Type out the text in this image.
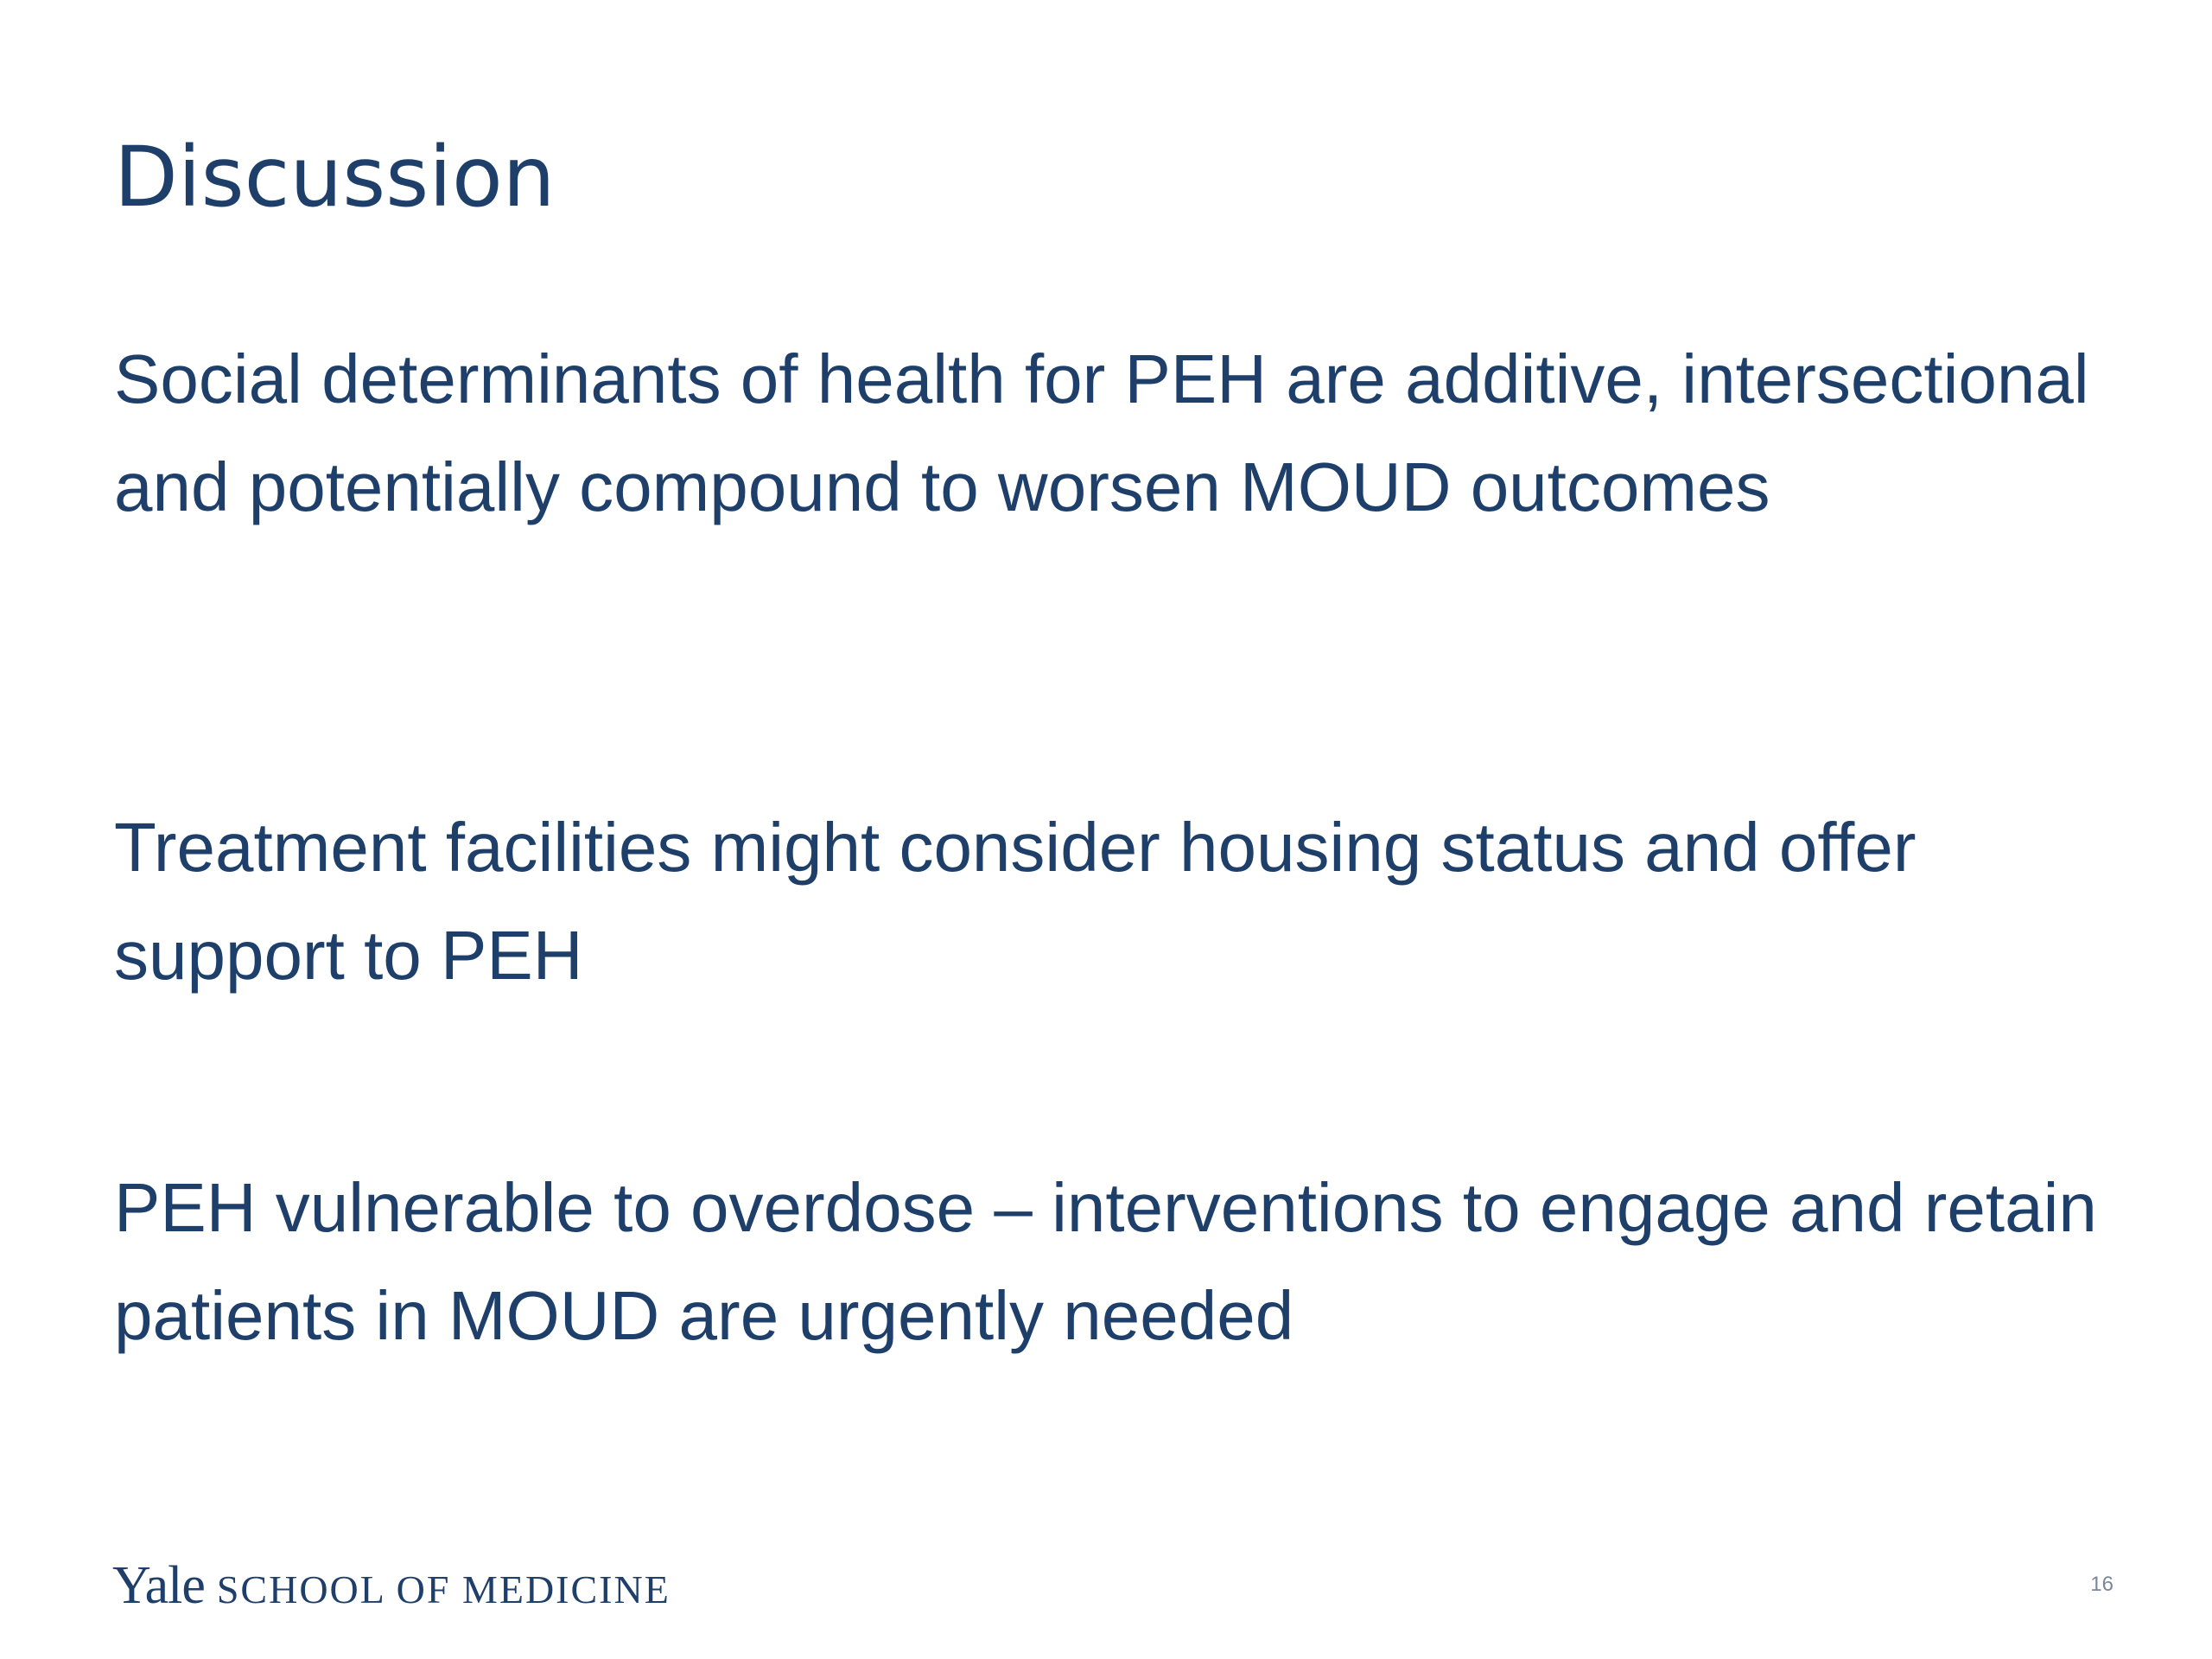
Discussion

Social determinants of health for PEH are additive, intersectional and potentially compound to worsen MOUD outcomes

Treatment facilities might consider housing status and offer support to PEH

PEH vulnerable to overdose – interventions to engage and retain patients in MOUD are urgently needed

Yale SCHOOL OF MEDICINE	16
